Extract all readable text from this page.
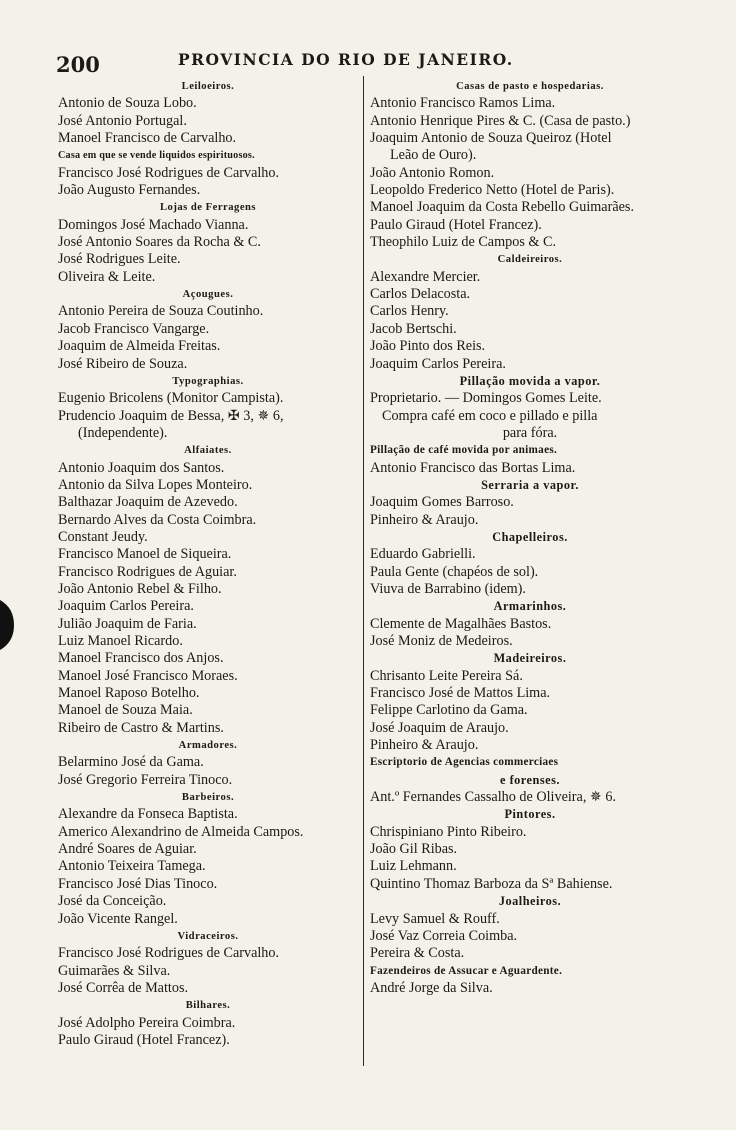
200	PROVINCIA DO RIO DE JANEIRO.
Leiloeiros.
Antonio de Souza Lobo.
José Antonio Portugal.
Manoel Francisco de Carvalho.
Casa em que se vende liquidos espirituosos.
Francisco José Rodrigues de Carvalho.
João Augusto Fernandes.
Lojas de Ferragens
Domingos José Machado Vianna.
José Antonio Soares da Rocha & C.
José Rodrigues Leite.
Oliveira & Leite.
Açougues.
Antonio Pereira de Souza Coutinho.
Jacob Francisco Vangarge.
Joaquim de Almeida Freitas.
José Ribeiro de Souza.
Typographias.
Eugenio Bricolens (Monitor Campista).
Prudencio Joaquim de Bessa, ✠ 3, ✵ 6,
(Independente).
Alfaiates.
Antonio Joaquim dos Santos.
Antonio da Silva Lopes Monteiro.
Balthazar Joaquim de Azevedo.
Bernardo Alves da Costa Coimbra.
Constant Jeudy.
Francisco Manoel de Siqueira.
Francisco Rodrigues de Aguiar.
João Antonio Rebel & Filho.
Joaquim Carlos Pereira.
Julião Joaquim de Faria.
Luiz Manoel Ricardo.
Manoel Francisco dos Anjos.
Manoel José Francisco Moraes.
Manoel Raposo Botelho.
Manoel de Souza Maia.
Ribeiro de Castro & Martins.
Armadores.
Belarmino José da Gama.
José Gregorio Ferreira Tinoco.
Barbeiros.
Alexandre da Fonseca Baptista.
Americo Alexandrino de Almeida Campos.
André Soares de Aguiar.
Antonio Teixeira Tamega.
Francisco José Dias Tinoco.
José da Conceição.
João Vicente Rangel.
Vidraceiros.
Francisco José Rodrigues de Carvalho.
Guimarães & Silva.
José Corrêa de Mattos.
Bilhares.
José Adolpho Pereira Coimbra.
Paulo Giraud (Hotel Francez).
Casas de pasto e hospedarias.
Antonio Francisco Ramos Lima.
Antonio Henrique Pires & C. (Casa de pasto.)
Joaquim Antonio de Souza Queiroz (Hotel
Leão de Ouro).
João Antonio Romon.
Leopoldo Frederico Netto (Hotel de Paris).
Manoel Joaquim da Costa Rebello Guimarães.
Paulo Giraud (Hotel Francez).
Theophilo Luiz de Campos & C.
Caldeireiros.
Alexandre Mercier.
Carlos Delacosta.
Carlos Henry.
Jacob Bertschi.
João Pinto dos Reis.
Joaquim Carlos Pereira.
Pillação movida a vapor.
Proprietario. — Domingos Gomes Leite.
Compra café em coco e pillado e pilla
para fóra.
Pillação de café movida por animaes.
Antonio Francisco das Bortas Lima.
Serraria a vapor.
Joaquim Gomes Barroso.
Pinheiro & Araujo.
Chapelleiros.
Eduardo Gabrielli.
Paula Gente (chapéos de sol).
Viuva de Barrabino (idem).
Armarinhos.
Clemente de Magalhães Bastos.
José Moniz de Medeiros.
Madeireiros.
Chrisanto Leite Pereira Sá.
Francisco José de Mattos Lima.
Felippe Carlotino da Gama.
José Joaquim de Araujo.
Pinheiro & Araujo.
Escriptorio de Agencias commerciaes
e forenses.
Ant.º Fernandes Cassalho de Oliveira, ✵ 6.
Pintores.
Chrispiniano Pinto Ribeiro.
João Gil Ribas.
Luiz Lehmann.
Quintino Thomaz Barboza da Sª Bahiense.
Joalheiros.
Levy Samuel & Rouff.
José Vaz Correia Coimba.
Pereira & Costa.
Fazendeiros de Assucar e Aguardente.
André Jorge da Silva.
